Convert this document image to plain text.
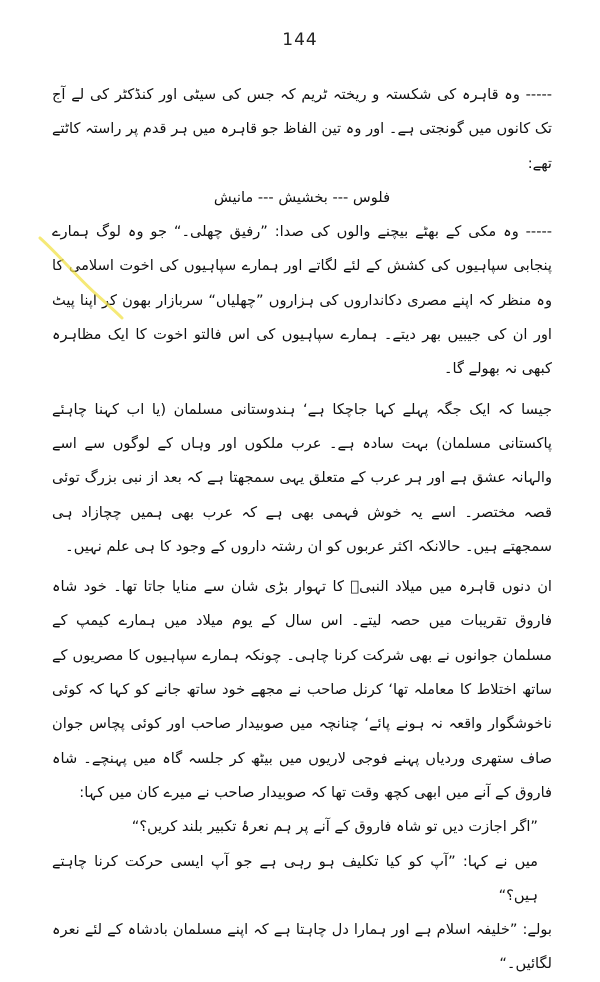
144

----- وہ قاہرہ کی شکستہ و ریختہ ٹریم کہ جس کی سیٹی اور کنڈکٹر کی لے آج تک کانوں میں گونجتی ہے۔ اور وہ تین الفاظ جو قاہرہ میں ہر قدم پر راستہ کاٹتے تھے:

فلوس --- بخشیش --- مانیش

----- وہ مکی کے بھٹے بیچنے والوں کی صدا: ”رفیق چھلی۔“ جو وہ لوگ ہمارے پنجابی سپاہیوں کی کشش کے لئے لگاتے اور ہمارے سپاہیوں کی اخوت اسلامی کا وہ منظر کہ اپنے مصری دکانداروں کی ہزاروں ”چھلیاں“ سربازار بھون کر اپنا پیٹ اور ان کی جیبیں بھر دیتے۔ ہمارے سپاہیوں کی اس فالتو اخوت کا ایک مظاہرہ کبھی نہ بھولے گا۔

جیسا کہ ایک جگہ پہلے کہا جاچکا ہے‘ ہندوستانی مسلمان (یا اب کہنا چاہئے پاکستانی مسلمان) بہت سادہ ہے۔ عرب ملکوں اور وہاں کے لوگوں سے اسے والہانہ عشق ہے اور ہر عرب کے متعلق یہی سمجھتا ہے کہ بعد از نبی بزرگ توئی قصہ مختصر۔ اسے یہ خوش فہمی بھی ہے کہ عرب بھی ہمیں چچازاد ہی سمجھتے ہیں۔ حالانکہ اکثر عربوں کو ان رشتہ داروں کے وجود کا ہی علم نہیں۔

ان دنوں قاہرہ میں میلاد النبیؐ کا تہوار بڑی شان سے منایا جاتا تھا۔ خود شاہ فاروق تقریبات میں حصہ لیتے۔ اس سال کے یوم میلاد میں ہمارے کیمپ کے مسلمان جوانوں نے بھی شرکت کرنا چاہی۔ چونکہ ہمارے سپاہیوں کا مصریوں کے ساتھ اختلاط کا معاملہ تھا‘ کرنل صاحب نے مجھے خود ساتھ جانے کو کہا کہ کوئی ناخوشگوار واقعہ نہ ہونے پائے‘ چنانچہ میں صوبیدار صاحب اور کوئی پچاس جوان صاف ستھری وردیاں پہنے فوجی لاریوں میں بیٹھ کر جلسہ گاہ میں پہنچے۔ شاہ فاروق کے آنے میں ابھی کچھ وقت تھا کہ صوبیدار صاحب نے میرے کان میں کہا:

”اگر اجازت دیں تو شاہ فاروق کے آنے پر ہم نعرۂ تکبیر بلند کریں؟“

میں نے کہا: ”آپ کو کیا تکلیف ہو رہی ہے جو آپ ایسی حرکت کرنا چاہتے ہیں؟“

بولے: ”خلیفہ اسلام ہے اور ہمارا دل چاہتا ہے کہ اپنے مسلمان بادشاہ کے لئے نعرہ لگائیں۔“
